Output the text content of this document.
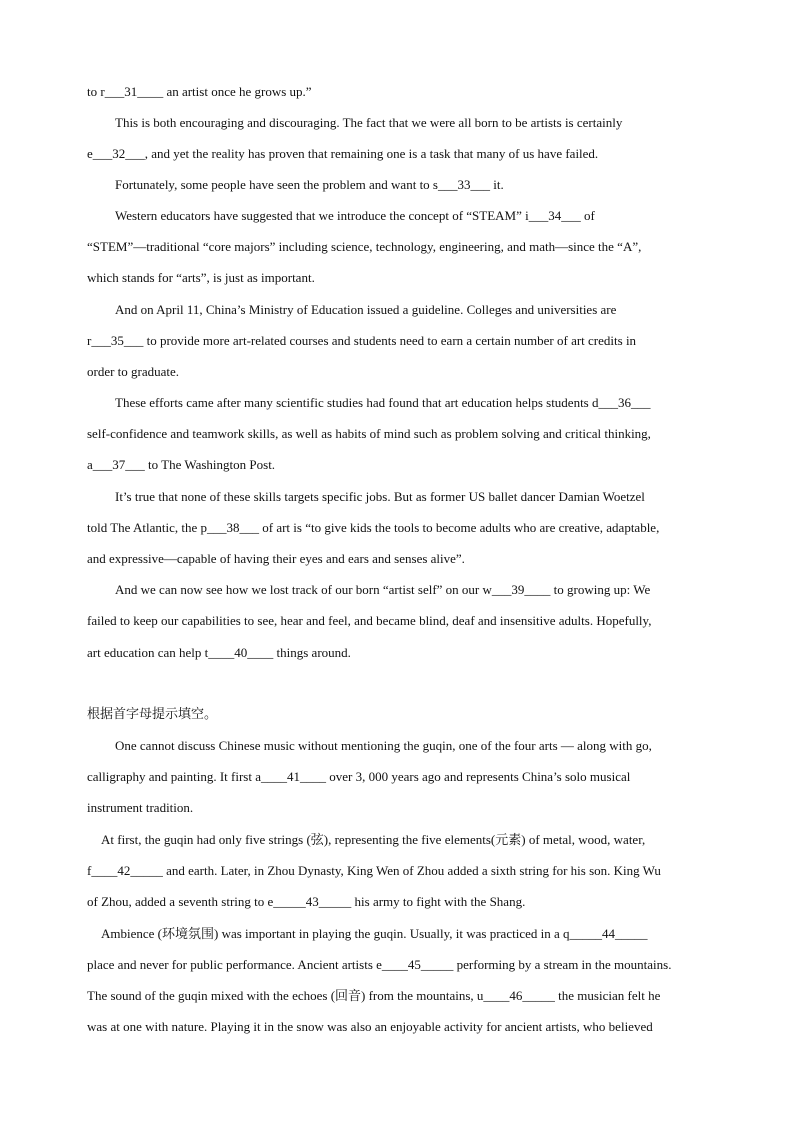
to r___31____ an artist once he grows up.”
This is both encouraging and discouraging. The fact that we were all born to be artists is certainly
e___32___, and yet the reality has proven that remaining one is a task that many of us have failed.
Fortunately, some people have seen the problem and want to s___33___ it.
Western educators have suggested that we introduce the concept of “STEAM” i___34___ of
“STEM”—traditional “core majors” including science, technology, engineering, and math—since the “A”,
which stands for “arts”, is just as important.
And on April 11, China’s Ministry of Education issued a guideline. Colleges and universities are
r___35___ to provide more art-related courses and students need to earn a certain number of art credits in
order to graduate.
These efforts came after many scientific studies had found that art education helps students d___36___
self-confidence and teamwork skills, as well as habits of mind such as problem solving and critical thinking,
a___37___ to The Washington Post.
It’s true that none of these skills targets specific jobs. But as former US ballet dancer Damian Woetzel
told The Atlantic, the p___38___ of art is “to give kids the tools to become adults who are creative, adaptable,
and expressive—capable of having their eyes and ears and senses alive”.
And we can now see how we lost track of our born “artist self” on our w___39____ to growing up: We
failed to keep our capabilities to see, hear and feel, and became blind, deaf and insensitive adults. Hopefully,
art education can help t____40____ things around.
根据首字母提示填空。
One cannot discuss Chinese music without mentioning the guqin, one of the four arts — along with go,
calligraphy and painting. It first a____41____ over 3, 000 years ago and represents China’s solo musical
instrument tradition.
At first, the guqin had only five strings (弦), representing the five elements(元素) of metal, wood, water,
f____42_____ and earth. Later, in Zhou Dynasty, King Wen of Zhou added a sixth string for his son. King Wu
of Zhou, added a seventh string to e_____43_____ his army to fight with the Shang.
Ambience (环境氛围) was important in playing the guqin. Usually, it was practiced in a q_____44_____
place and never for public performance. Ancient artists e____45_____ performing by a stream in the mountains.
The sound of the guqin mixed with the echoes (回音) from the mountains, u____46_____ the musician felt he
was at one with nature. Playing it in the snow was also an enjoyable activity for ancient artists, who believed
